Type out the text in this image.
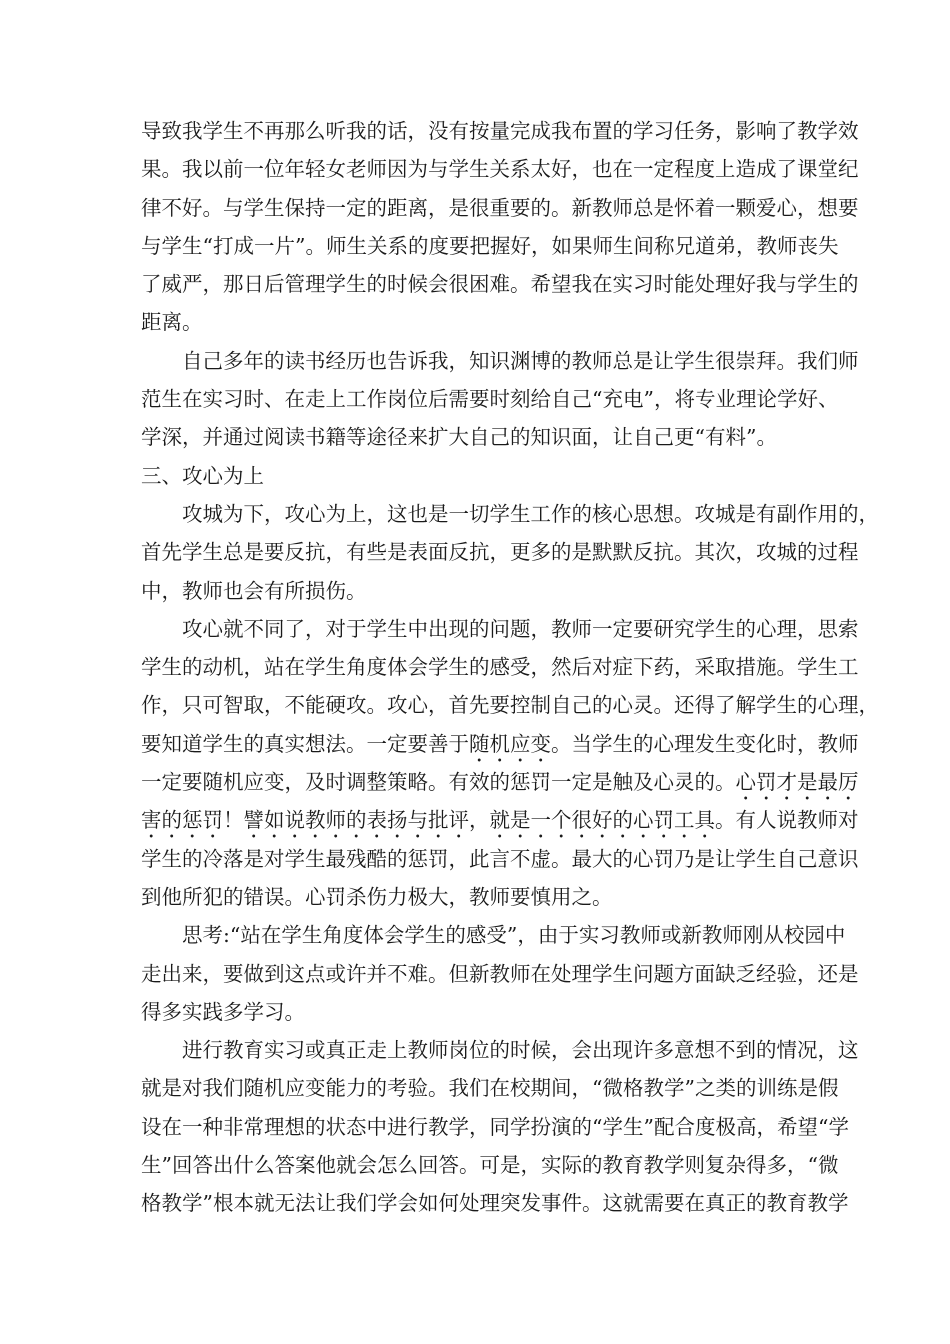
导致我学生不再那么听我的话，没有按量完成我布置的学习任务，影响了教学效
果。我以前一位年轻女老师因为与学生关系太好，也在一定程度上造成了课堂纪
律不好。与学生保持一定的距离，是很重要的。新教师总是怀着一颗爱心，想要
与学生“打成一片”。师生关系的度要把握好，如果师生间称兄道弟，教师丧失
了威严，那日后管理学生的时候会很困难。希望我在实习时能处理好我与学生的
距离。
自己多年的读书经历也告诉我，知识渊博的教师总是让学生很崇拜。我们师
范生在实习时、在走上工作岗位后需要时刻给自己“充电”，将专业理论学好、
学深，并通过阅读书籍等途径来扩大自己的知识面，让自己更“有料”。
三、攻心为上
攻城为下，攻心为上，这也是一切学生工作的核心思想。攻城是有副作用的，
首先学生总是要反抗，有些是表面反抗，更多的是默默反抗。其次，攻城的过程
中，教师也会有所损伤。
攻心就不同了，对于学生中出现的问题，教师一定要研究学生的心理，思索
学生的动机，站在学生角度体会学生的感受，然后对症下药，采取措施。学生工
作，只可智取，不能硬攻。攻心，首先要控制自己的心灵。还得了解学生的心理，
要知道学生的真实想法。一定要善于随机应变。当学生的心理发生变化时，教师
一定要随机应变，及时调整策略。有效的惩罚一定是触及心灵的。心罚才是最厉
害的惩罚！譬如说教师的表扬与批评，就是一个很好的心罚工具。有人说教师对
学生的冷落是对学生最残酷的惩罚，此言不虚。最大的心罚乃是让学生自己意识
到他所犯的错误。心罚杀伤力极大，教师要慎用之。
思考:“站在学生角度体会学生的感受”，由于实习教师或新教师刚从校园中
走出来，要做到这点或许并不难。但新教师在处理学生问题方面缺乏经验，还是
得多实践多学习。
进行教育实习或真正走上教师岗位的时候，会出现许多意想不到的情况，这
就是对我们随机应变能力的考验。我们在校期间，“微格教学”之类的训练是假
设在一种非常理想的状态中进行教学，同学扮演的“学生”配合度极高，希望“学
生”回答出什么答案他就会怎么回答。可是，实际的教育教学则复杂得多，“微
格教学”根本就无法让我们学会如何处理突发事件。这就需要在真正的教育教学
